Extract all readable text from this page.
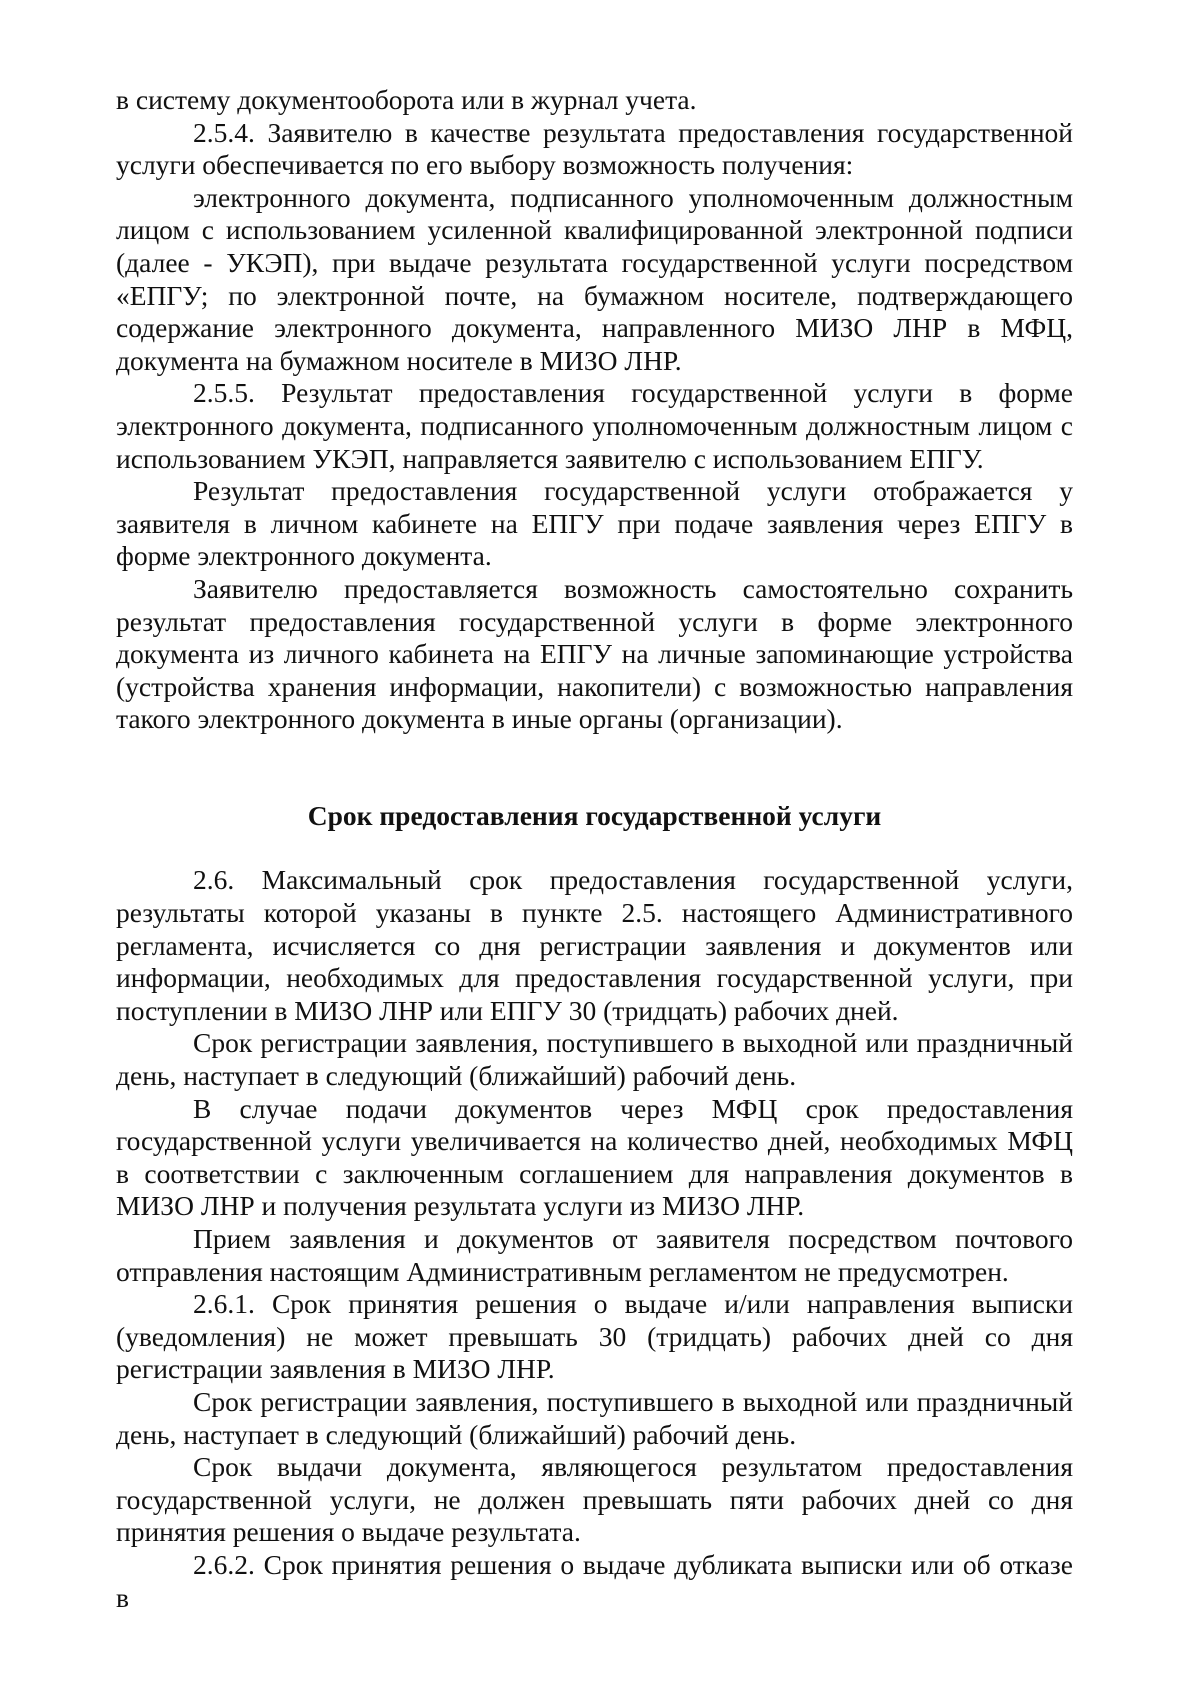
в систему документооборота или в журнал учета.

2.5.4. Заявителю в качестве результата предоставления государственной услуги обеспечивается по его выбору возможность получения:

электронного документа, подписанного уполномоченным должностным лицом с использованием усиленной квалифицированной электронной подписи (далее - УКЭП), при выдаче результата государственной услуги посредством «ЕПГУ; по электронной почте, на бумажном носителе, подтверждающего содержание электронного документа, направленного МИЗО ЛНР в МФЦ, документа на бумажном носителе в МИЗО ЛНР.

2.5.5. Результат предоставления государственной услуги в форме электронного документа, подписанного уполномоченным должностным лицом с использованием УКЭП, направляется заявителю с использованием ЕПГУ.

Результат предоставления государственной услуги отображается у заявителя в личном кабинете на ЕПГУ при подаче заявления через ЕПГУ в форме электронного документа.

Заявителю предоставляется возможность самостоятельно сохранить результат предоставления государственной услуги в форме электронного документа из личного кабинета на ЕПГУ на личные запоминающие устройства (устройства хранения информации, накопители) с возможностью направления такого электронного документа в иные органы (организации).

Срок предоставления государственной услуги

2.6. Максимальный срок предоставления государственной услуги, результаты которой указаны в пункте 2.5. настоящего Административного регламента, исчисляется со дня регистрации заявления и документов или информации, необходимых для предоставления государственной услуги, при поступлении в МИЗО ЛНР или ЕПГУ 30 (тридцать) рабочих дней.

Срок регистрации заявления, поступившего в выходной или праздничный день, наступает в следующий (ближайший) рабочий день.

В случае подачи документов через МФЦ срок предоставления государственной услуги увеличивается на количество дней, необходимых МФЦ в соответствии с заключенным соглашением для направления документов в МИЗО ЛНР и получения результата услуги из МИЗО ЛНР.

Прием заявления и документов от заявителя посредством почтового отправления настоящим Административным регламентом не предусмотрен.

2.6.1. Срок принятия решения о выдаче и/или направления выписки (уведомления) не может превышать 30 (тридцать) рабочих дней со дня регистрации заявления в МИЗО ЛНР.

Срок регистрации заявления, поступившего в выходной или праздничный день, наступает в следующий (ближайший) рабочий день.

Срок выдачи документа, являющегося результатом предоставления государственной услуги, не должен превышать пяти рабочих дней со дня принятия решения о выдаче результата.

2.6.2. Срок принятия решения о выдаче дубликата выписки или об отказе в
